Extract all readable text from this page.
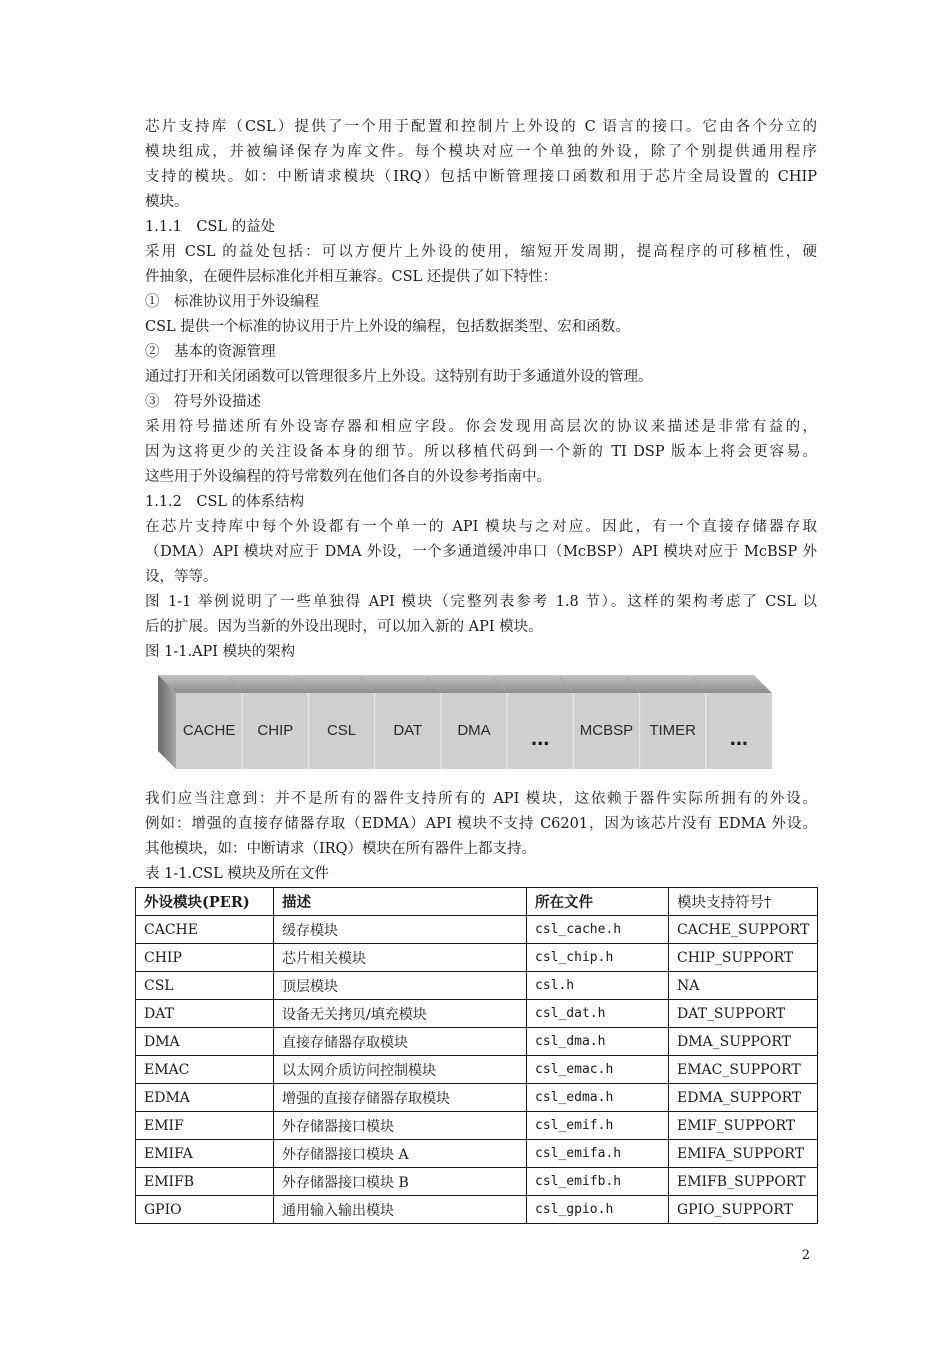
芯片支持库（CSL）提供了一个用于配置和控制片上外设的 C 语言的接口。它由各个分立的
模块组成，并被编译保存为库文件。每个模块对应一个单独的外设，除了个别提供通用程序
支持的模块。如：中断请求模块（IRQ）包括中断管理接口函数和用于芯片全局设置的 CHIP
模块。
1.1.1　CSL 的益处
采用 CSL 的益处包括：可以方便片上外设的使用，缩短开发周期，提高程序的可移植性，硬
件抽象，在硬件层标准化并相互兼容。CSL 还提供了如下特性：
①　标准协议用于外设编程
CSL 提供一个标准的协议用于片上外设的编程，包括数据类型、宏和函数。
②　基本的资源管理
通过打开和关闭函数可以管理很多片上外设。这特别有助于多通道外设的管理。
③　符号外设描述
采用符号描述所有外设寄存器和相应字段。你会发现用高层次的协议来描述是非常有益的，
因为这将更少的关注设备本身的细节。所以移植代码到一个新的 TI DSP 版本上将会更容易。
这些用于外设编程的符号常数列在他们各自的外设参考指南中。
1.1.2　CSL 的体系结构
在芯片支持库中每个外设都有一个单一的 API 模块与之对应。因此，有一个直接存储器存取
（DMA）API 模块对应于 DMA 外设，一个多通道缓冲串口（McBSP）API 模块对应于 McBSP 外
设，等等。
图 1-1 举例说明了一些单独得 API 模块（完整列表参考 1.8 节）。这样的架构考虑了 CSL 以
后的扩展。因为当新的外设出现时，可以加入新的 API 模块。
图 1-1.API 模块的架构
CACHE CHIP CSL DAT DMA ... MCBSP TIMER ...
我们应当注意到：并不是所有的器件支持所有的 API 模块，这依赖于器件实际所拥有的外设。
例如：增强的直接存储器存取（EDMA）API 模块不支持 C6201，因为该芯片没有 EDMA 外设。
其他模块，如：中断请求（IRQ）模块在所有器件上都支持。
表 1-1.CSL 模块及所在文件
外设模块(PER)	描述	所在文件	模块支持符号†
CACHE	缓存模块	csl_cache.h	CACHE_SUPPORT
CHIP	芯片相关模块	csl_chip.h	CHIP_SUPPORT
CSL	顶层模块	csl.h	NA
DAT	设备无关拷贝/填充模块	csl_dat.h	DAT_SUPPORT
DMA	直接存储器存取模块	csl_dma.h	DMA_SUPPORT
EMAC	以太网介质访问控制模块	csl_emac.h	EMAC_SUPPORT
EDMA	增强的直接存储器存取模块	csl_edma.h	EDMA_SUPPORT
EMIF	外存储器接口模块	csl_emif.h	EMIF_SUPPORT
EMIFA	外存储器接口模块 A	csl_emifa.h	EMIFA_SUPPORT
EMIFB	外存储器接口模块 B	csl_emifb.h	EMIFB_SUPPORT
GPIO	通用输入输出模块	csl_gpio.h	GPIO_SUPPORT
2
